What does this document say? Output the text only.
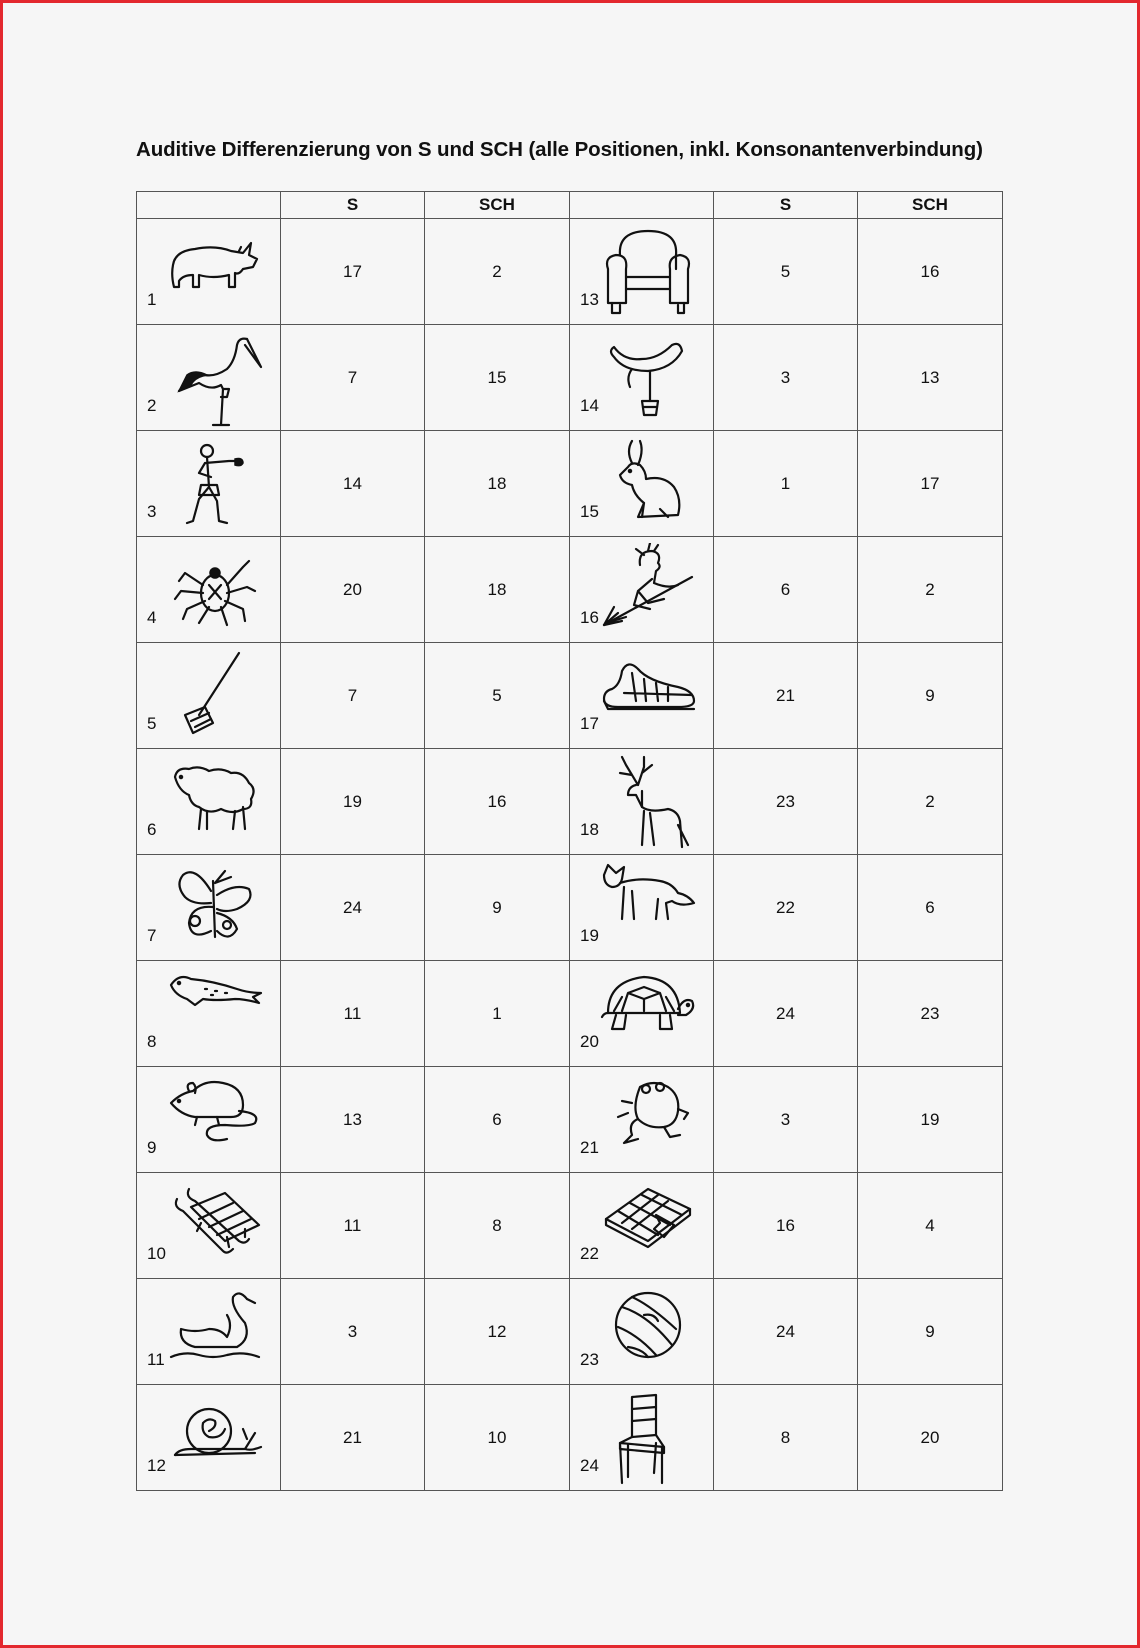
Auditive Differenzierung von S und SCH (alle Positionen, inkl. Konsonantenverbindung)
	S	SCH		S	SCH

1	17	2	13	5	16

2	7	15	14	3	13

3	14	18	15	1	17

4	20	18	16	6	2

5	7	5	17	21	9

6	19	16	18	23	2

7	24	9	19	22	6

8	11	1	20	24	23

9	13	6	21	3	19

10	11	8	22	16	4

11	3	12	23	24	9

12	21	10	24	8	20
